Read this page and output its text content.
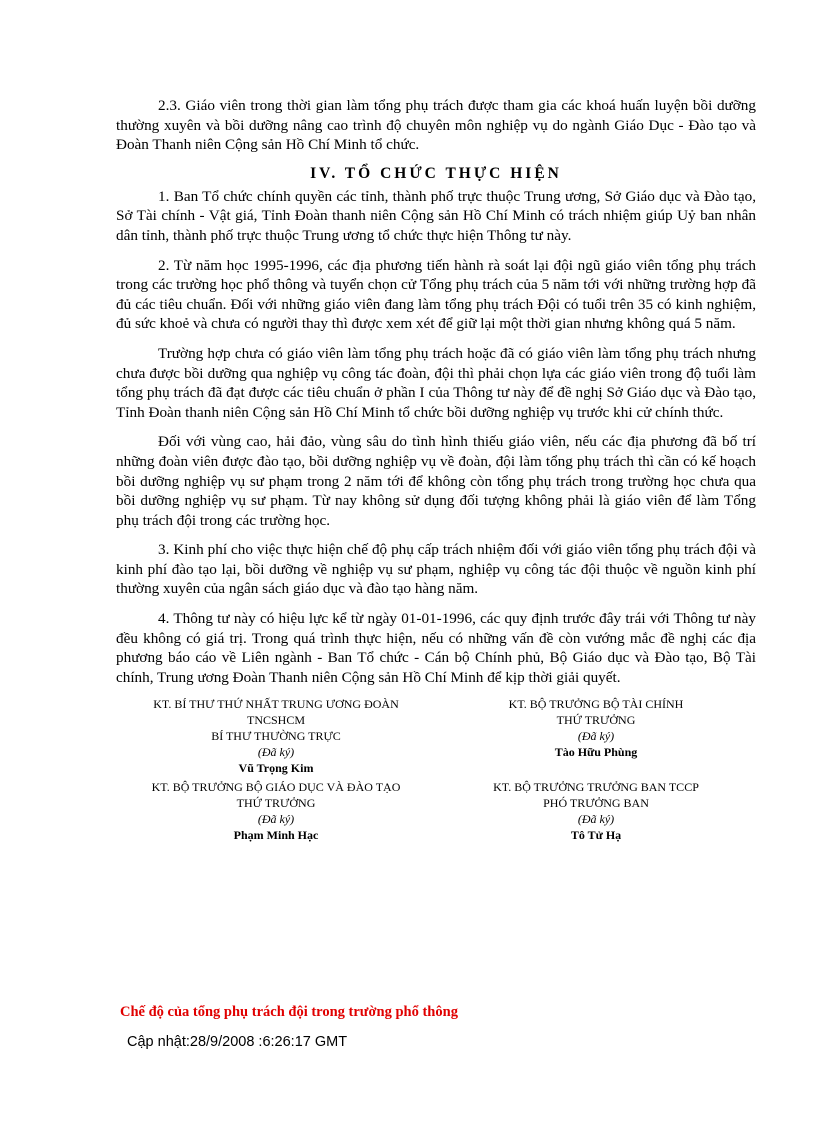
2.3. Giáo viên trong thời gian làm tổng phụ trách được tham gia các khoá huấn luyện bồi dưỡng thường xuyên và bồi dưỡng nâng cao trình độ chuyên môn nghiệp vụ do ngành Giáo Dục - Đào tạo và Đoàn Thanh niên Cộng sản Hồ Chí Minh tổ chức.

IV. TỔ CHỨC THỰC HIỆN

1. Ban Tổ chức chính quyền các tỉnh, thành phố trực thuộc Trung ương, Sở Giáo dục và Đào tạo, Sở Tài chính - Vật giá, Tỉnh Đoàn thanh niên Cộng sản Hồ Chí Minh có trách nhiệm giúp Uỷ ban nhân dân tỉnh, thành phố trực thuộc Trung ương tổ chức thực hiện Thông tư này.

2. Từ năm học 1995-1996, các địa phương tiến hành rà soát lại đội ngũ giáo viên tổng phụ trách trong các trường học phổ thông và tuyển chọn cử Tổng phụ trách của 5 năm tới với những trường hợp đã đủ các tiêu chuẩn. Đối với những giáo viên đang làm tổng phụ trách Đội có tuổi trên 35 có kinh nghiệm, đủ sức khoẻ và chưa có người thay thì được xem xét để giữ lại một thời gian nhưng không quá 5 năm.

Trường hợp chưa có giáo viên làm tổng phụ trách hoặc đã có giáo viên làm tổng phụ trách nhưng chưa được bồi dưỡng qua nghiệp vụ công tác đoàn, đội thì phải chọn lựa các giáo viên trong độ tuổi làm tổng phụ trách đã đạt được các tiêu chuẩn ở phần I của Thông tư này để đề nghị Sở Giáo dục và Đào tạo, Tỉnh Đoàn thanh niên Cộng sản Hồ Chí Minh tổ chức bồi dưỡng nghiệp vụ trước khi cử chính thức.

Đối với vùng cao, hải đảo, vùng sâu do tình hình thiếu giáo viên, nếu các địa phương đã bố trí những đoàn viên được đào tạo, bồi dưỡng nghiệp vụ về đoàn, đội làm tổng phụ trách thì cần có kế hoạch bồi dưỡng nghiệp vụ sư phạm trong 2 năm tới để không còn tổng phụ trách trong trường học chưa qua bồi dưỡng nghiệp vụ sư phạm. Từ nay không sử dụng đối tượng không phải là giáo viên để làm Tổng phụ trách đội trong các trường học.

3. Kinh phí cho việc thực hiện chế độ phụ cấp trách nhiệm đối với giáo viên tổng phụ trách đội và kinh phí đào tạo lại, bồi dưỡng về nghiệp vụ sư phạm, nghiệp vụ công tác đội thuộc về nguồn kinh phí thường xuyên của ngân sách giáo dục và đào tạo hàng năm.

4. Thông tư này có hiệu lực kể từ ngày 01-01-1996, các quy định trước đây trái với Thông tư này đều không có giá trị. Trong quá trình thực hiện, nếu có những vấn đề còn vướng mắc đề nghị các địa phương báo cáo về Liên ngành - Ban Tổ chức - Cán bộ Chính phủ, Bộ Giáo dục và Đào tạo, Bộ Tài chính, Trung ương Đoàn Thanh niên Cộng sản Hồ Chí Minh để kịp thời giải quyết.

KT. BÍ THƯ THỨ NHẤT TRUNG ƯƠNG ĐOÀN
TNCSHCM
BÍ THƯ THƯỜNG TRỰC
(Đã ký)
Vũ Trọng Kim
KT. BỘ TRƯỞNG BỘ TÀI CHÍNH
THỨ TRƯỞNG
(Đã ký)
Tào Hữu Phùng
KT. BỘ TRƯỞNG BỘ GIÁO DỤC VÀ ĐÀO TẠO
THỨ TRƯỞNG
(Đã ký)
Phạm Minh Hạc
KT. BỘ TRƯỞNG TRƯỞNG BAN TCCP
PHÓ TRƯỞNG BAN
(Đã ký)
Tô Tử Hạ
Chế độ của tổng phụ trách đội trong trường phổ thông
Cập nhật:28/9/2008 :6:26:17 GMT
